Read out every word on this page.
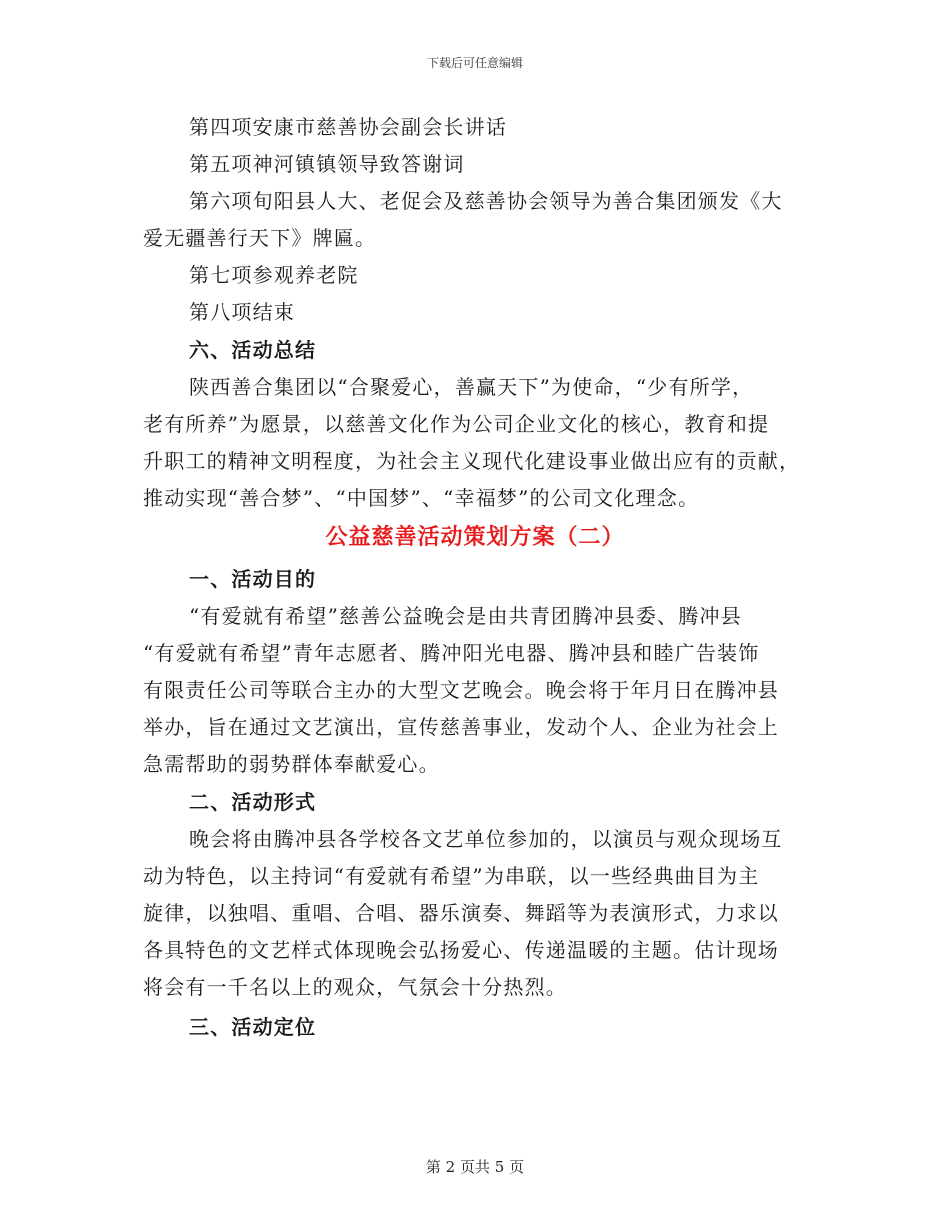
下载后可任意编辑
第四项安康市慈善协会副会长讲话
第五项神河镇镇领导致答谢词
第六项旬阳县人大、老促会及慈善协会领导为善合集团颁发《大
爱无疆善行天下》牌匾。
第七项参观养老院
第八项结束
六、活动总结
陕西善合集团以“合聚爱心，善赢天下”为使命，“少有所学，
老有所养”为愿景，以慈善文化作为公司企业文化的核心，教育和提
升职工的精神文明程度，为社会主义现代化建设事业做出应有的贡献，
推动实现“善合梦”、“中国梦”、“幸福梦”的公司文化理念。
公益慈善活动策划方案（二）
一、活动目的
“有爱就有希望”慈善公益晚会是由共青团腾冲县委、腾冲县
“有爱就有希望”青年志愿者、腾冲阳光电器、腾冲县和睦广告装饰
有限责任公司等联合主办的大型文艺晚会。晚会将于年月日在腾冲县
举办，旨在通过文艺演出，宣传慈善事业，发动个人、企业为社会上
急需帮助的弱势群体奉献爱心。
二、活动形式
晚会将由腾冲县各学校各文艺单位参加的，以演员与观众现场互
动为特色，以主持词“有爱就有希望”为串联，以一些经典曲目为主
旋律，以独唱、重唱、合唱、器乐演奏、舞蹈等为表演形式，力求以
各具特色的文艺样式体现晚会弘扬爱心、传递温暖的主题。估计现场
将会有一千名以上的观众，气氛会十分热烈。
三、活动定位
第 2 页共 5 页
